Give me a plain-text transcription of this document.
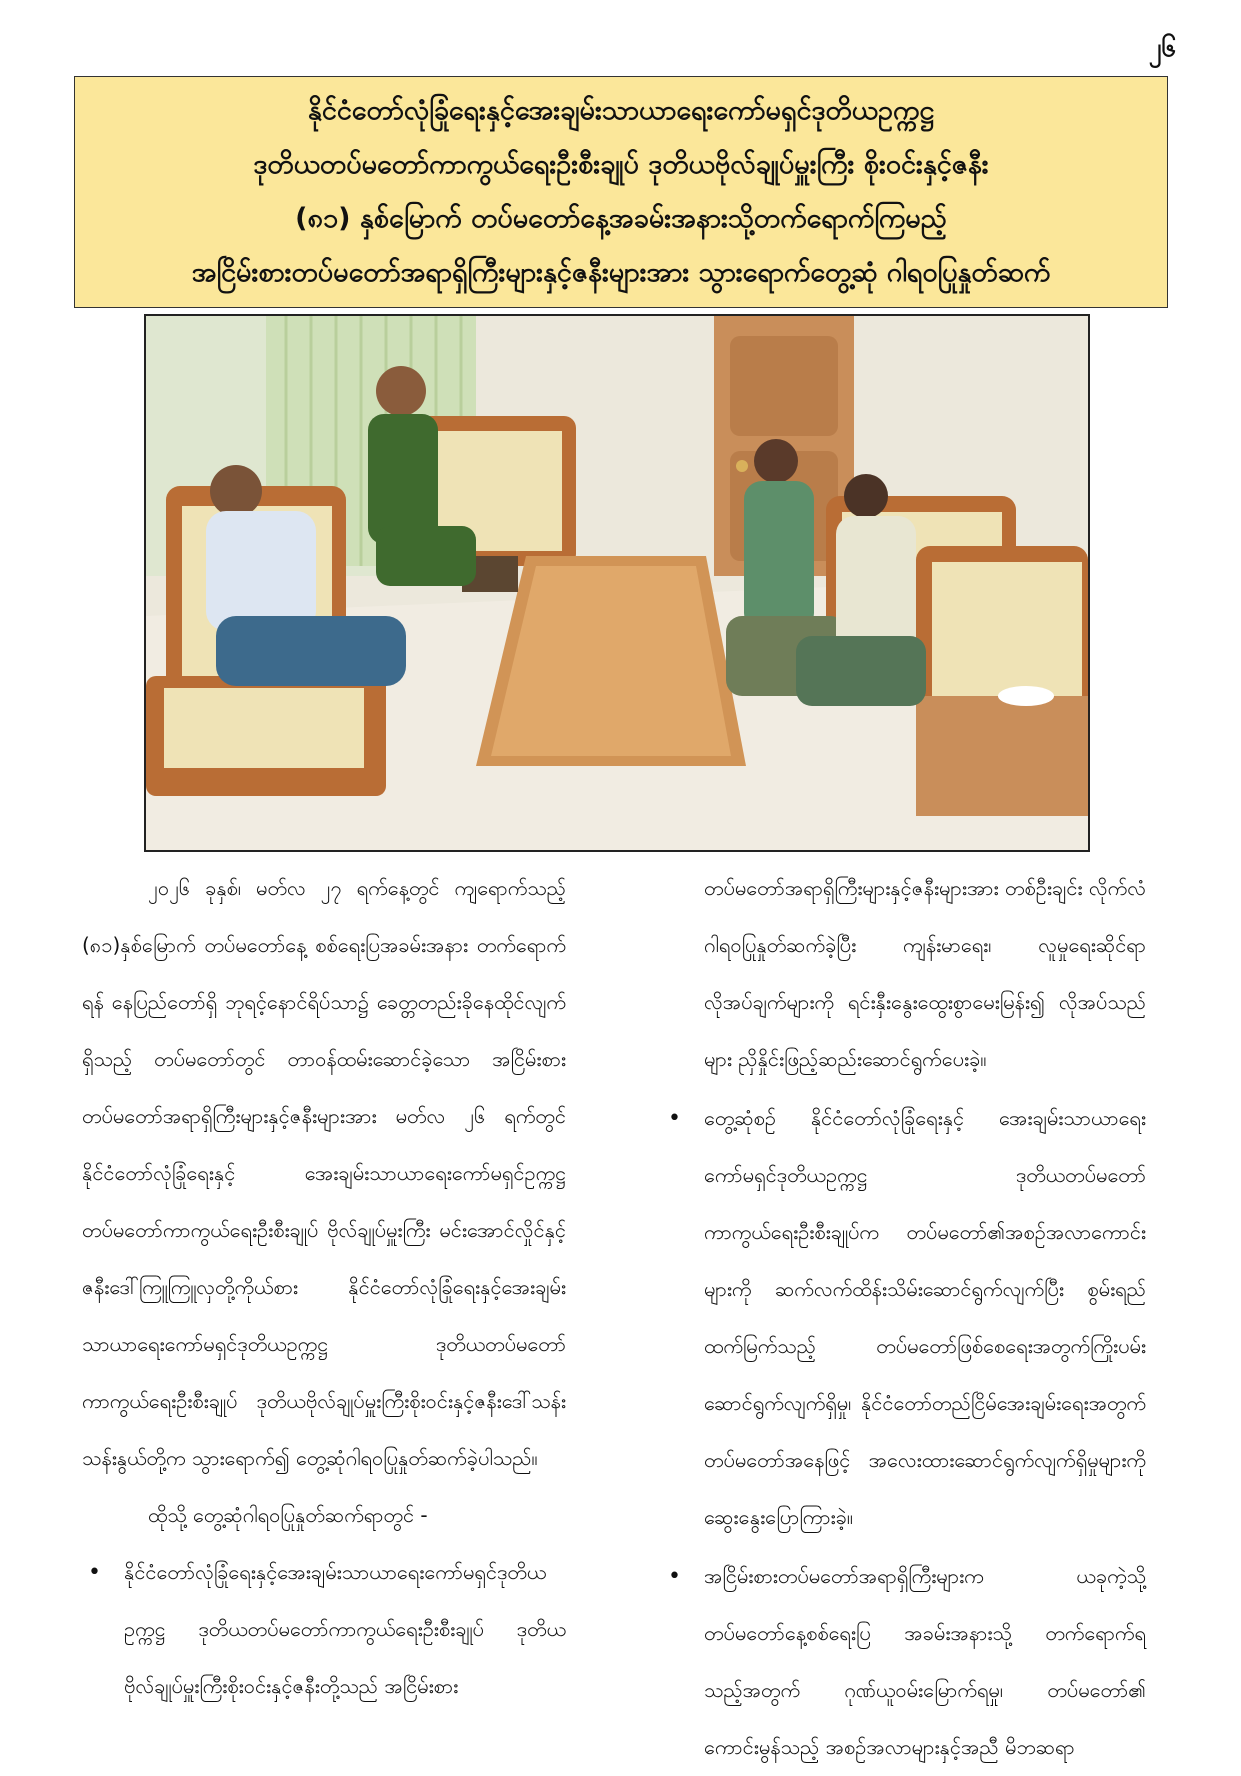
၂၆
နိုင်ငံတော်လုံခြုံရေးနှင့်အေးချမ်းသာယာရေးကော်မရှင်ဒုတိယဥက္ကဋ္ဌ
ဒုတိယတပ်မတော်ကာကွယ်ရေးဦးစီးချုပ် ဒုတိယဗိုလ်ချုပ်မှူးကြီး စိုးဝင်းနှင့်ဇနီး
(၈၁) နှစ်မြောက် တပ်မတော်နေ့အခမ်းအနားသို့တက်ရောက်ကြမည့်
အငြိမ်းစားတပ်မတော်အရာရှိကြီးများနှင့်ဇနီးများအား သွားရောက်တွေ့ဆုံ ဂါရဝပြုနှုတ်ဆက်

၂၀၂၆ ခုနှစ်၊ မတ်လ ၂၇ ရက်နေ့တွင် ကျရောက်သည့် (၈၁)နှစ်မြောက် တပ်မတော်နေ့ စစ်ရေးပြအခမ်းအနား တက်ရောက်ရန် နေပြည်တော်ရှိ ဘုရင့်နောင်ရိပ်သာ၌ ခေတ္တတည်းခိုနေထိုင်လျက်ရှိသည့် တပ်မတော်တွင် တာဝန်ထမ်းဆောင်ခဲ့သော အငြိမ်းစားတပ်မတော်အရာရှိကြီးများနှင့်ဇနီးများအား မတ်လ ၂၆ ရက်တွင် နိုင်ငံတော်လုံခြုံရေးနှင့် အေးချမ်းသာယာရေးကော်မရှင်ဥက္ကဋ္ဌ တပ်မတော်ကာကွယ်ရေးဦးစီးချုပ် ဗိုလ်ချုပ်မှူးကြီး မင်းအောင်လှိုင်နှင့်ဇနီးဒေါ်ကြူကြူလှတို့ကိုယ်စား နိုင်ငံတော်လုံခြုံရေးနှင့်အေးချမ်းသာယာရေးကော်မရှင်ဒုတိယဥက္ကဋ္ဌ ဒုတိယတပ်မတော်ကာကွယ်ရေးဦးစီးချုပ် ဒုတိယဗိုလ်ချုပ်မှူးကြီးစိုးဝင်းနှင့်ဇနီးဒေါ်သန်းသန်းနွယ်တို့က သွားရောက်၍ တွေ့ဆုံဂါရဝပြုနှုတ်ဆက်ခဲ့ပါသည်။

ထိုသို့ တွေ့ဆုံဂါရဝပြုနှုတ်ဆက်ရာတွင် -

• နိုင်ငံတော်လုံခြုံရေးနှင့်အေးချမ်းသာယာရေးကော်မရှင်ဒုတိယဥက္ကဋ္ဌ ဒုတိယတပ်မတော်ကာကွယ်ရေးဦးစီးချုပ် ဒုတိယဗိုလ်ချုပ်မှူးကြီးစိုးဝင်းနှင့်ဇနီးတို့သည် အငြိမ်းစား

တပ်မတော်အရာရှိကြီးများနှင့်ဇနီးများအား တစ်ဦးချင်း လိုက်လံဂါရဝပြုနှုတ်ဆက်ခဲ့ပြီး ကျန်းမာရေး၊ လူမှုရေးဆိုင်ရာလိုအပ်ချက်များကို ရင်းနှီးနွေးထွေးစွာမေးမြန်း၍ လိုအပ်သည်များ ညှိနှိုင်းဖြည့်ဆည်းဆောင်ရွက်ပေးခဲ့။

• တွေ့ဆုံစဉ် နိုင်ငံတော်လုံခြုံရေးနှင့် အေးချမ်းသာယာရေးကော်မရှင်ဒုတိယဥက္ကဋ္ဌ ဒုတိယတပ်မတော်ကာကွယ်ရေးဦးစီးချုပ်က တပ်မတော်၏အစဉ်အလာကောင်းများကို ဆက်လက်ထိန်းသိမ်းဆောင်ရွက်လျက်ပြီး စွမ်းရည်ထက်မြက်သည့် တပ်မတော်ဖြစ်စေရေးအတွက်ကြိုးပမ်းဆောင်ရွက်လျက်ရှိမှု၊ နိုင်ငံတော်တည်ငြိမ်အေးချမ်းရေးအတွက် တပ်မတော်အနေဖြင့် အလေးထားဆောင်ရွက်လျက်ရှိမှုများကို ဆွေးနွေးပြောကြားခဲ့။
• အငြိမ်းစားတပ်မတော်အရာရှိကြီးများက ယခုကဲ့သို့ တပ်မတော်နေ့စစ်ရေးပြ အခမ်းအနားသို့ တက်ရောက်ရသည့်အတွက် ဂုဏ်ယူဝမ်းမြောက်ရမှု၊ တပ်မတော်၏ ကောင်းမွန်သည့် အစဉ်အလာများနှင့်အညီ မိဘဆရာ
